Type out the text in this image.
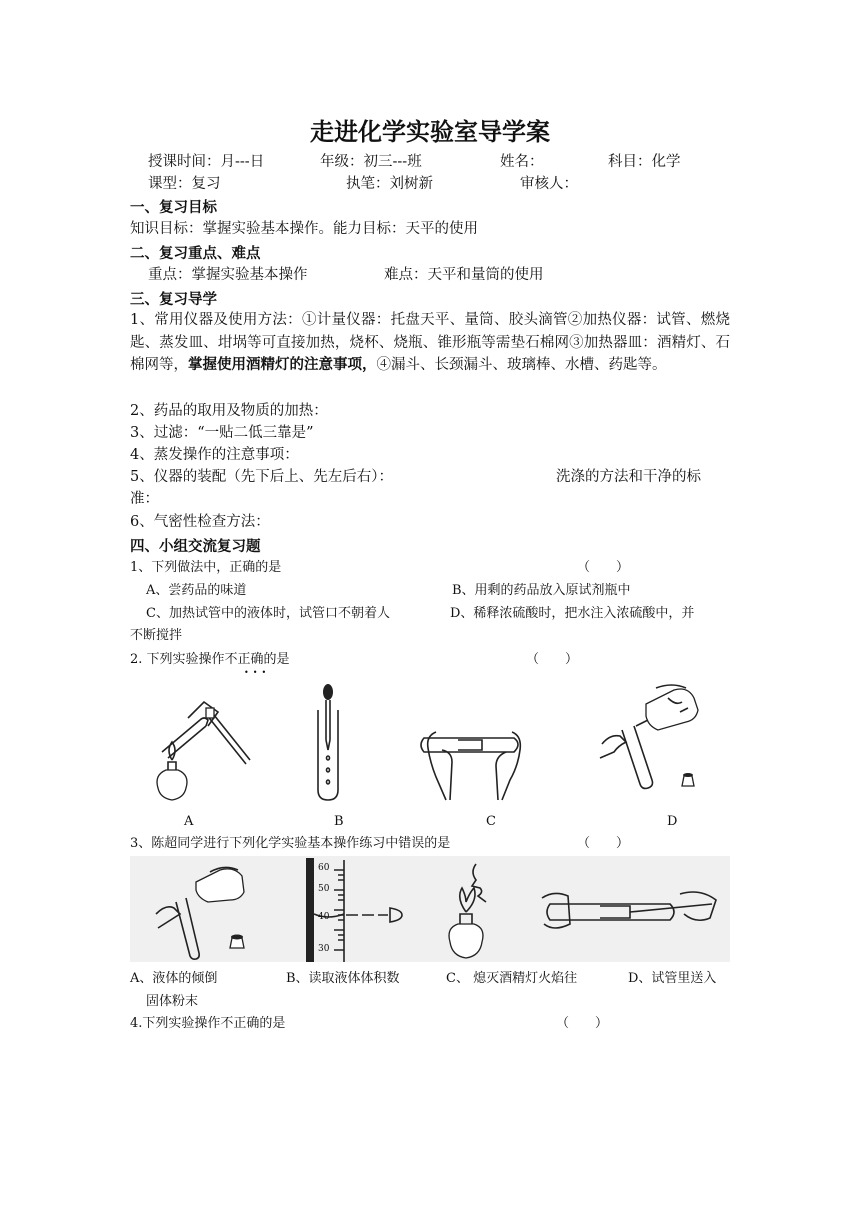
走进化学实验室导学案
授课时间：月---日	年级：初三---班	姓名：	科目：化学
课型：复习	执笔：刘树新	审核人：
一、复习目标
知识目标：掌握实验基本操作。能力目标：天平的使用
二、复习重点、难点
重点：掌握实验基本操作	难点：天平和量筒的使用
三、复习导学
1、常用仪器及使用方法：①计量仪器：托盘天平、量筒、胶头滴管②加热仪器：试管、燃烧匙、蒸发皿、坩埚等可直接加热，烧杯、烧瓶、锥形瓶等需垫石棉网③加热器皿：酒精灯、石棉网等，掌握使用酒精灯的注意事项，④漏斗、长颈漏斗、玻璃棒、水槽、药匙等。
2、药品的取用及物质的加热：
3、过滤：“一贴二低三靠是”
4、蒸发操作的注意事项：
5、仪器的装配（先下后上、先左后右）：	洗涤的方法和干净的标
准：
6、气密性检查方法：
四、小组交流复习题
1、下列做法中，正确的是	（　　）
A、尝药品的味道	B、用剩的药品放入原试剂瓶中
C、加热试管中的液体时，试管口不朝着人	D、稀释浓硫酸时，把水注入浓硫酸中，并
不断搅拌
2. 下列实验操作不正确的是
•••
（　　）
A	B	C	D
3、陈超同学进行下列化学实验基本操作练习中错误的是	（　　）
60
50
40
30
A、液体的倾倒	B、读取液体体积数	C、 熄灭酒精灯火焰往	D、试管里送入
固体粉末
4.下列实验操作不正确的是	（　　）
